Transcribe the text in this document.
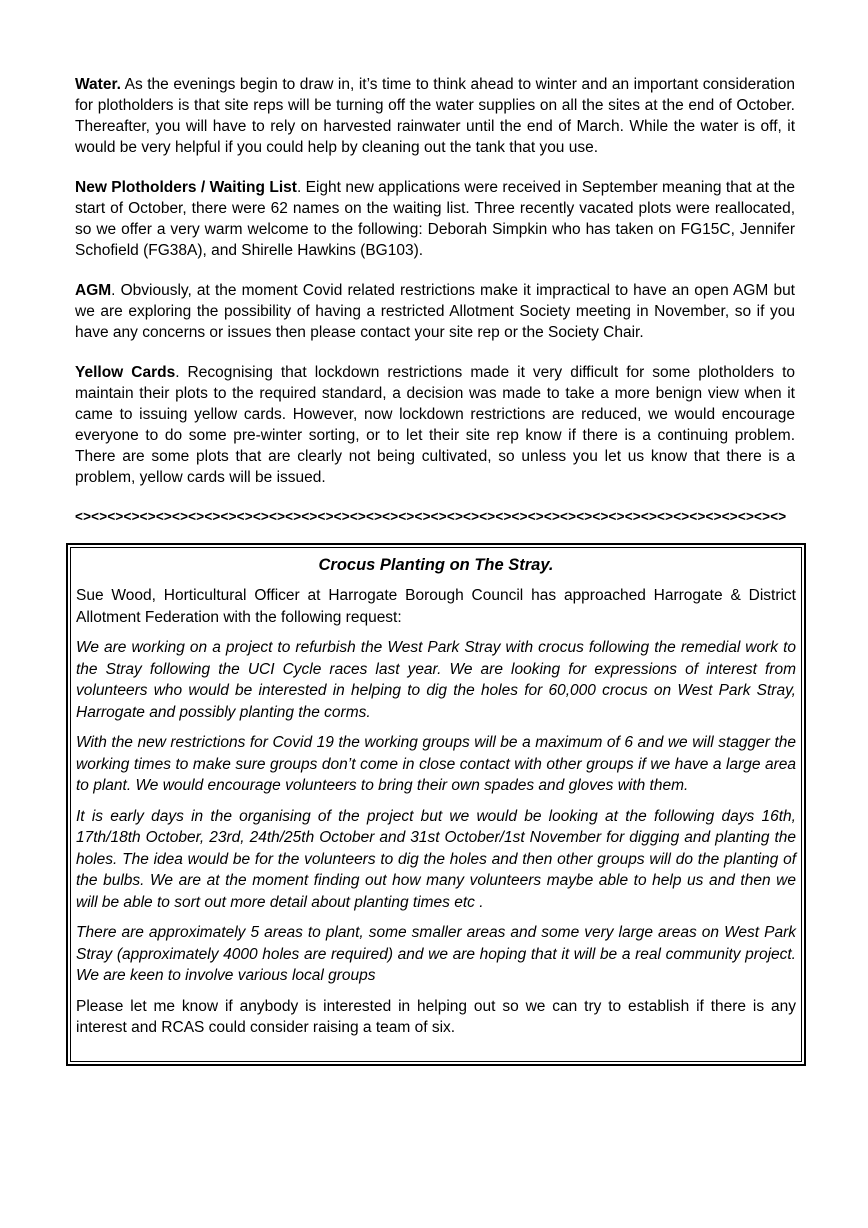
Water. As the evenings begin to draw in, it’s time to think ahead to winter and an important consideration for plotholders is that site reps will be turning off the water supplies on all the sites at the end of October. Thereafter, you will have to rely on harvested rainwater until the end of March. While the water is off, it would be very helpful if you could help by cleaning out the tank that you use.

New Plotholders / Waiting List. Eight new applications were received in September meaning that at the start of October, there were 62 names on the waiting list. Three recently vacated plots were reallocated, so we offer a very warm welcome to the following: Deborah Simpkin who has taken on FG15C, Jennifer Schofield (FG38A), and Shirelle Hawkins (BG103).

AGM. Obviously, at the moment Covid related restrictions make it impractical to have an open AGM but we are exploring the possibility of having a restricted Allotment Society meeting in November, so if you have any concerns or issues then please contact your site rep or the Society Chair.

Yellow Cards. Recognising that lockdown restrictions made it very difficult for some plotholders to maintain their plots to the required standard, a decision was made to take a more benign view when it came to issuing yellow cards. However, now lockdown restrictions are reduced, we would encourage everyone to do some pre-winter sorting, or to let their site rep know if there is a continuing problem. There are some plots that are clearly not being cultivated, so unless you let us know that there is a problem, yellow cards will be issued.

<><><><><><><><><><><><><><><><><><><><><><><><><><><><><><><><><><><><><><><><><><><><>

Crocus Planting on The Stray.

Sue Wood, Horticultural Officer at Harrogate Borough Council has approached Harrogate & District Allotment Federation with the following request:

We are working on a project to refurbish the West Park Stray with crocus following the remedial work to the Stray following the UCI Cycle races last year. We are looking for expressions of interest from volunteers who would be interested in helping to dig the holes for 60,000 crocus on West Park Stray, Harrogate and possibly planting the corms.

With the new restrictions for Covid 19 the working groups will be a maximum of 6 and we will stagger the working times to make sure groups don’t come in close contact with other groups if we have a large area to plant. We would encourage volunteers to bring their own spades and gloves with them.

It is early days in the organising of the project but we would be looking at the following days 16th, 17th/18th October, 23rd, 24th/25th October and 31st October/1st November for digging and planting the holes. The idea would be for the volunteers to dig the holes and then other groups will do the planting of the bulbs. We are at the moment finding out how many volunteers maybe able to help us and then we will be able to sort out more detail about planting times etc .

There are approximately 5 areas to plant, some smaller areas and some very large areas on West Park Stray (approximately 4000 holes are required) and we are hoping that it will be a real community project. We are keen to involve various local groups

Please let me know if anybody is interested in helping out so we can try to establish if there is any interest and RCAS could consider raising a team of six.
